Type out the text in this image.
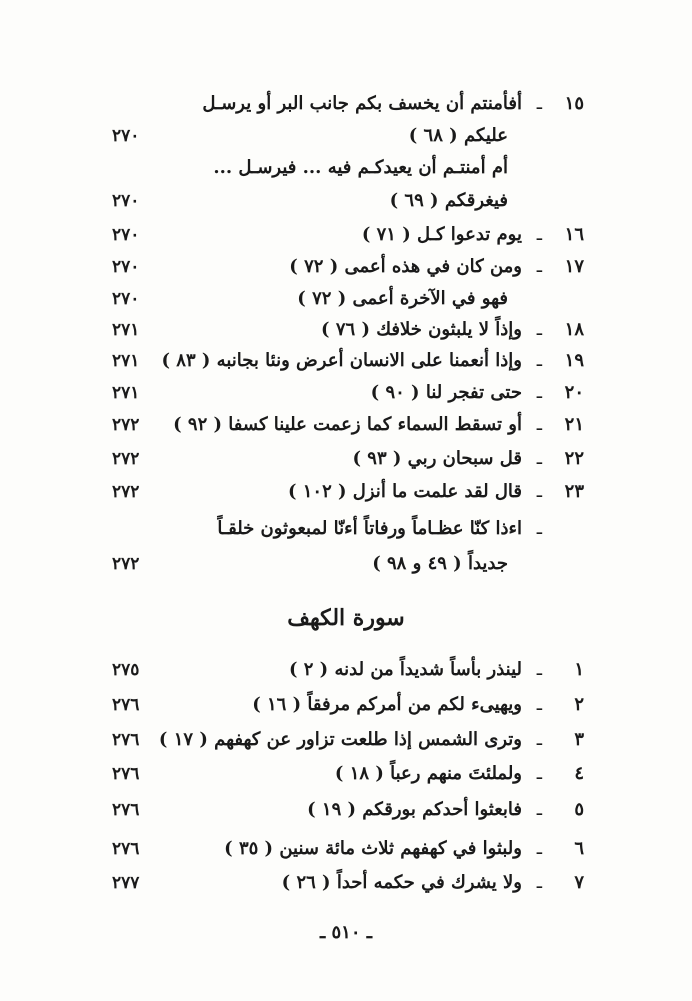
١٥
ـ
أفأمنتم أن يخسف بكم جانب البر أو يرسـل
عليكم ( ٦٨ )
٢٧٠
أم أمنتـم أن يعيدكـم فيه ... فيرسـل ...
فيغرقكم ( ٦٩ )
٢٧٠
١٦
ـ
يوم تدعوا كـل ( ٧١ )
٢٧٠
١٧
ـ
ومن كان في هذه أعمى ( ٧٢ )
٢٧٠
فهو في الآخرة أعمى ( ٧٢ )
٢٧٠
١٨
ـ
وإذاً لا يلبثون خلافك ( ٧٦ )
٢٧١
١٩
ـ
وإذا أنعمنا على الانسان أعرض ونئا بجانبه ( ٨٣ )
٢٧١
٢٠
ـ
حتى تفجر لنا ( ٩٠ )
٢٧١
٢١
ـ
أو تسقط السماء كما زعمت علينا كسفا ( ٩٢ )
٢٧٢
٢٢
ـ
قل سبحان ربي ( ٩٣ )
٢٧٢
٢٣
ـ
قال لقد علمت ما أنزل ( ١٠٢ )
٢٧٢
ـ
اءذا كنّا عظـاماً ورفاتاً أءنّا لمبعوثون خلقـاً
جديداً ( ٤٩ و ٩٨ )
٢٧٢
سورة الكهف
١
ـ
لينذر بأساً شديداً من لدنه ( ٢ )
٢٧٥
٢
ـ
ويهيىء لكم من أمركم مرفقاً ( ١٦ )
٢٧٦
٣
ـ
وترى الشمس إذا طلعت تزاور عن كهفهم ( ١٧ )
٢٧٦
٤
ـ
ولملئتَ منهم رعباً ( ١٨ )
٢٧٦
٥
ـ
فابعثوا أحدكم بورقكم ( ١٩ )
٢٧٦
٦
ـ
ولبثوا في كهفهم ثلاث مائة سنين ( ٣٥ )
٢٧٦
٧
ـ
ولا يشرك في حكمه أحداً ( ٢٦ )
٢٧٧
ـ ٥١٠ ـ
